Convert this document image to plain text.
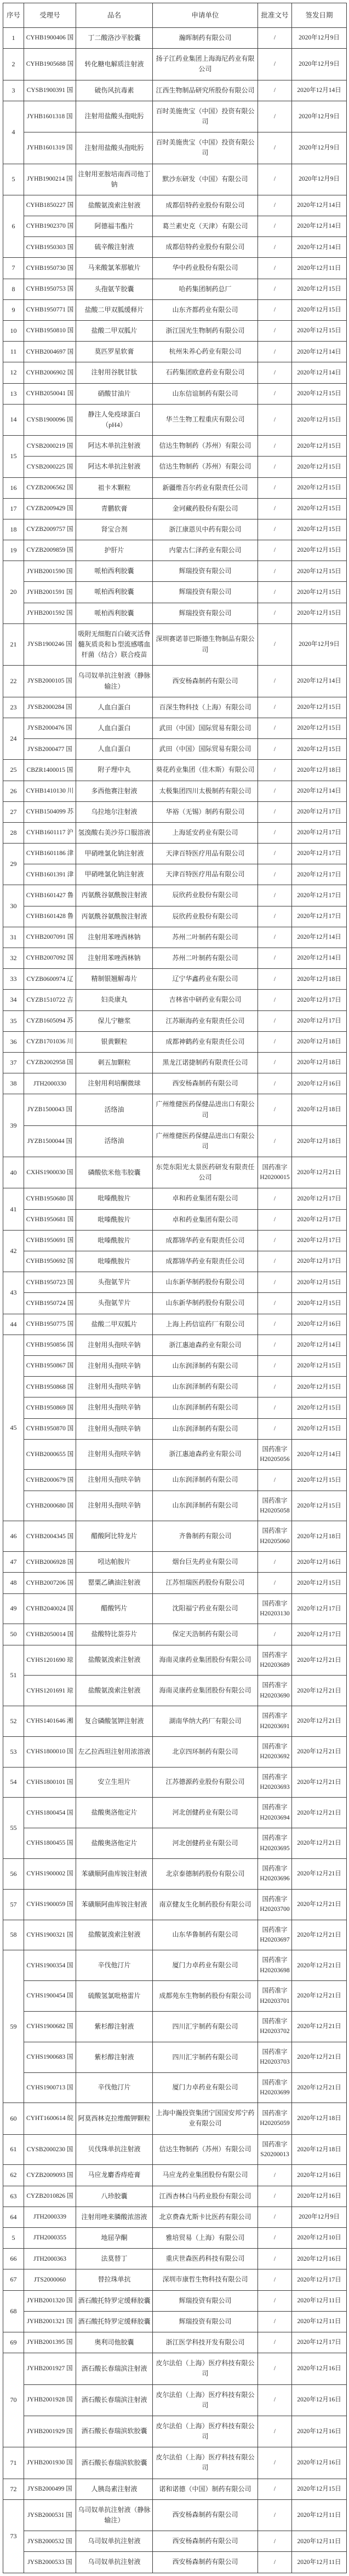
序号	受理号	品名	申请单位	批准文号	签发日期
1	CYHB1900406 国	丁二酸洛沙平胶囊	瀚晖制药有限公司	/	2020年12月9日
2	CYHB1905688 国	转化糖电解质注射液	扬子江药业集团上海海尼药业有限公司	/	2020年12月9日
3	CYSB1900391 国	破伤风抗毒素	江西生物制品研究所股份有限公司	/	2020年12月14日
4	JYHB1601318 国	注射用盐酸头孢吡肟	百时美施贵宝（中国）投资有限公司	/	2020年12月9日
	JYHB1601319 国	注射用盐酸头孢吡肟	百时美施贵宝（中国）投资有限公司	/	2020年12月9日
5	JYHB1900214 国	注射用亚胺培南西司他丁钠	默沙东研发（中国）有限公司	/	2020年12月9日
6	CYHB1850227 国	盐酸氨溴索注射液	成都倍特药业股份有限公司	/	2020年12月14日
	CYHB1902370 国	阿德福韦酯片	葛兰素史克（天津）有限公司	/	2020年12月14日
	CYHB1950303 国	硫辛酸注射液	成都倍特药业股份有限公司	/	2020年12月14日
7	CYHB1950730 国	马来酸氯苯那敏片	华中药业股份有限公司	/	2020年12月11日
8	CYHB1950753 国	头孢氨苄胶囊	哈药集团制药总厂	/	2020年12月15日
9	CYHB1950771 国	盐酸二甲双胍缓释片	山东齐都药业有限公司	/	2020年12月15日
10	CYHB1950810 国	盐酸二甲双胍片	浙江国光生物制药有限公司	/	2020年12月15日
11	CYHB2004697 国	莫匹罗星软膏	杭州朱养心药业有限公司	/	2020年12月14日
12	CYHB2006902 国	注射用谷胱甘肽	石药集团欧意药业有限公司	/	2020年12月14日
13	CYHB2050041 国	硝酸甘油片	山东信谊制药有限公司	/	2020年12月15日
14	CYSB1900096 国	静注人免疫球蛋白（pH4）	华兰生物工程重庆有限公司	/	2020年12月15日
15	CYSB2000219 国	阿达木单抗注射液	信达生物制药（苏州）有限公司	/	2020年12月15日
	CYSB2000225 国	阿达木单抗注射液	信达生物制药（苏州）有限公司	/	2020年12月15日
16	CYZB2006562 国	祖卡木颗粒	新疆维吾尔药业有限责任公司	/	2020年12月15日
17	CYZB2009429 国	青鹏软膏	金诃藏药股份有限公司	/	2020年12月15日
18	CYZB2009757 国	肾宝合剂	浙江康恩贝中药有限公司	/	2020年12月15日
19	CYZB2009859 国	护肝片	内蒙古仁泽药业有限公司	/	2020年12月15日
20	JYHB2001590 国	哌柏西利胶囊	辉瑞投资有限公司	/	2020年12月15日
	JYHB2001591 国	哌柏西利胶囊	辉瑞投资有限公司	/	2020年12月15日
	JYHB2001592 国	哌柏西利胶囊	辉瑞投资有限公司	/	2020年12月15日
21	JYSB1900246 国	吸附无细胞百白破灭活脊髓灰质炎和ｂ型流感嗜血杆菌（结合）联合疫苗	深圳赛诺菲巴斯德生物制品有限公司	/	2020年12月9日
22	JYSB2000105 国	乌司奴单抗注射液（静脉输注）	西安杨森制药有限公司	/	2020年12月14日
23	JYSB2000284 国	人血白蛋白	百深生物科技（上海）有限公司	/	2020年12月15日
24	JYSB2000476 国	人血白蛋白	武田（中国）国际贸易有限公司	/	2020年12月15日
	JYSB2000477 国	人血白蛋白	武田（中国）国际贸易有限公司	/	2020年12月15日
25	CBZR1400015 国	附子理中丸	葵花药业集团（佳木斯）有限公司	/	2020年12月18日
26	CYHB1410130 川	多西他赛注射液	太极集团四川太极制药有限公司	/	2020年12月14日
27	CYHB1504099 苏	乌拉地尔注射液	华裕（无锡）制药有限公司	/	2020年12月17日
28	CYHB1601117 沪	氢溴酸右美沙芬口服溶液	上海延安药业有限公司	/	2020年12月17日
29	CYHB1601186 津	甲硝唑氯化钠注射液	天津百特医疗用品有限公司	/	2020年12月17日
	CYHB1601391 津	甲硝唑氯化钠注射液	天津百特医疗用品有限公司	/	2020年12月17日
30	CYHB1601427 鲁	丙氨酰谷氨酰胺注射液	辰欣药业股份有限公司	/	2020年12月17日
	CYHB1601428 鲁	丙氨酰谷氨酰胺注射液	辰欣药业股份有限公司	/	2020年12月17日
31	CYHB2007091 国	注射用苯唑西林钠	苏州二叶制药有限公司	/	2020年12月14日
32	CYHB2007092 国	注射用苯唑西林钠	苏州二叶制药有限公司	/	2020年12月14日
33	CYZB0600974 辽	精制银翘解毒片	辽宁华鑫药业有限公司	/	2020年12月18日
34	CYZB1510722 吉	妇炎康丸	吉林省中研药业有限公司	/	2020年12月17日
35	CYZB1605094 苏	保儿宁糖浆	江苏颐海药业有限责任公司	/	2020年12月17日
36	CYZB1701036 川	银黄颗粒	成都神鹤药业有限责任公司	/	2020年12月18日
37	CYZB2002958 国	刺五加颗粒	黑龙江诺捷制药有限责任公司	/	2020年12月18日
38	JTH2000330	注射用利培酮微球	西安杨森制药有限公司	/	2020年12月16日
39	JYZB1500043 国	活络油	广州维健医药保健品进出口有限公司	/	2020年12月18日
	JYZB1500044 国	活络油	广州维健医药保健品进出口有限公司	/	2020年12月18日
40	CXHS1900030 国	磷酸依米他韦胶囊	东莞东阳光太景医药研发有限责任公司	国药准字 H20200015	2020年12月21日
41	CYHB1950680 国	吡嗪酰胺片	卓和药业集团有限公司	/	2020年12月17日
	CYHB1950681 国	吡嗪酰胺片	卓和药业集团有限公司	/	2020年12月17日
42	CYHB1950691 国	吡嗪酰胺片	成都锦华药业有限责任公司	/	2020年12月17日
	CYHB1950692 国	吡嗪酰胺片	成都锦华药业有限责任公司	/	2020年12月17日
43	CYHB1950723 国	头孢氨苄片	山东新华制药股份有限公司	/	2020年12月15日
	CYHB1950724 国	头孢氨苄片	山东新华制药股份有限公司	/	2020年12月15日
44	CYHB1950775 国	盐酸二甲双胍片	上海上药信谊药厂有限公司	/	2020年12月16日
45	CYHB1950856 国	注射用头孢呋辛钠	浙江惠迪森药业有限公司	/	2020年12月14日
	CYHB1950867 国	注射用头孢呋辛钠	山东润泽制药有限公司	/	2020年12月15日
	CYHB1950868 国	注射用头孢呋辛钠	山东润泽制药有限公司	/	2020年12月15日
	CYHB1950869 国	注射用头孢呋辛钠	山东润泽制药有限公司	/	2020年12月15日
	CYHB1950870 国	注射用头孢呋辛钠	山东润泽制药有限公司	/	2020年12月15日
	CYHB2000655 国	注射用头孢呋辛钠	浙江惠迪森药业有限公司	国药准字 H20205056	2020年12月14日
	CYHB2000679 国	注射用头孢呋辛钠	山东润泽制药有限公司	/	2020年12月15日
	CYHB2000680 国	注射用头孢呋辛钠	山东润泽制药有限公司	国药准字 H20205058	2020年12月15日
46	CYHB2004345 国	醋酸阿比特龙片	齐鲁制药有限公司	国药准字 H20205060	2020年12月18日
47	CYHB2006928 国	吲达帕胺片	烟台巨先药业有限公司	/	2020年12月16日
48	CYHB2007206 国	罂粟乙碘油注射液	江苏恒瑞医药股份有限公司	/	2020年12月15日
49	CYHB2040024 国	醋酸钙片	沈阳福宁药业有限公司	国药准字 H20203130	2020年12月17日
50	CYHB2050014 国	盐酸特比萘芬片	保定天浩制药有限公司	/	2020年12月17日
51	CYHS1201690 琼	盐酸氨溴索注射液	海南灵康药业集团股份有限公司	国药准字 H20203689	2020年12月21日
	CYHS1201691 琼	盐酸氨溴索注射液	海南灵康药业集团股份有限公司	国药准字 H20203690	2020年12月21日
52	CYHS1401646 湘	复合磷酸氢钾注射液	湖南华纳大药厂有限公司	国药准字 H20203691	2020年12月21日
53	CYHS1800010 国	左乙拉西坦注射用浓溶液	北京四环制药有限公司	国药准字 H20203692	2020年12月21日
54	CYHS1800101 国	安立生坦片	江苏德源药业股份有限公司	国药准字 H20203693	2020年12月21日
55	CYHS1800454 国	盐酸奥洛他定片	河北创健药业有限公司	国药准字 H20203694	2020年12月21日
	CYHS1800455 国	盐酸奥洛他定片	河北创健药业有限公司	国药准字 H20203695	2020年12月21日
56	CYHS1900002 国	苯磺顺阿曲库铵注射液	北京泰德制药股份有限公司	国药准字 H20203696	2020年12月21日
57	CYHS1900059 国	苯磺顺阿曲库铵注射液	南京健友生化制药股份有限公司	国药准字 H20203700	2020年12月21日
58	CYHS1900321 国	盐酸氨溴索注射液	山东华鲁制药有限公司	国药准字 H20203697	2020年12月21日
59	CYHS1900354 国	辛伐他汀片	厦门力卓药业有限公司	国药准字 H20203698	2020年12月21日
	CYHS1900454 国	硫酸氢氯吡格雷片	成都苑东生物制药股份有限公司	国药准字 H20203701	2020年12月21日
	CYHS1900682 国	紫杉醇注射液	四川汇宇制药有限公司	国药准字 H20203702	2020年12月21日
	CYHS1900683 国	紫杉醇注射液	四川汇宇制药有限公司	国药准字 H20203703	2020年12月21日
	CYHS1900713 国	辛伐他汀片	厦门力卓药业有限公司	国药准字 H20203699	2020年12月21日
60	CYHT1600614 皖	阿莫西林克拉维酸钾颗粒	上海中瀚投资集团宁国国安邦宁药业有限公司	国药准字 H20205059	2020年12月18日
61	CYSB2000230 国	贝伐珠单抗注射液	信达生物制药（苏州）有限公司	国药准字 S20200013	2020年12月18日
62	CYZB2009093 国	马应龙麝香痔疮膏	马应龙药业集团股份有限公司	/	2020年12月16日
63	CYZB2010826 国	八珍胶囊	江西杏林白马药业股份有限公司	/	2020年12月16日
64	JTH2000339	注射用唑来膦酸浓溶液	北京费森尤斯卡比医药有限公司	/	2020年12月9日
5	JTH2000355	地屈孕酮	雅培贸易（上海）有限公司	/	2020年12月10日
66	JTH2000363	法莫替丁	重庆世森医药科技有限公司	/	2020年12月16日
67	JTS2000060	替拉珠单抗	深圳市康哲生物科技有限公司	/	2020年12月17日
68	JYHB2001320 国	酒石酸托特罗定缓释胶囊	辉瑞投资有限公司	/	2020年12月11日
	JYHB2001321 国	酒石酸托特罗定缓释胶囊	辉瑞投资有限公司	/	2020年12月11日
69	JYHB2001395 国	奥利司他胶囊	浙江医学科技开发有限公司	/	2020年12月17日
70	JYHB2001927 国	酒石酸长春瑞滨注射液	皮尔法伯（上海）医疗科技有限公司	/	2020年12月16日
	JYHB2001928 国	酒石酸长春瑞滨注射液	皮尔法伯（上海）医疗科技有限公司	/	2020年12月16日
	JYHB2001929 国	酒石酸长春瑞滨软胶囊	皮尔法伯（上海）医疗科技有限公司	/	2020年12月16日
71	JYHB2001930 国	酒石酸长春瑞滨软胶囊	皮尔法伯（上海）医疗科技有限公司	/	2020年12月16日
72	JYSB2000499 国	人胰岛素注射液	诺和诺德（中国）制药有限公司	/	2020年12月15日
73	JYSB2000531 国	乌司奴单抗注射液（静脉输注）	西安杨森制药有限公司	/	2020年12月11日
	JYSB2000532 国	乌司奴单抗注射液	西安杨森制药有限公司	/	2020年12月11日
	JYSB2000533 国	乌司奴单抗注射液	西安杨森制药有限公司	/	2020年12月11日
